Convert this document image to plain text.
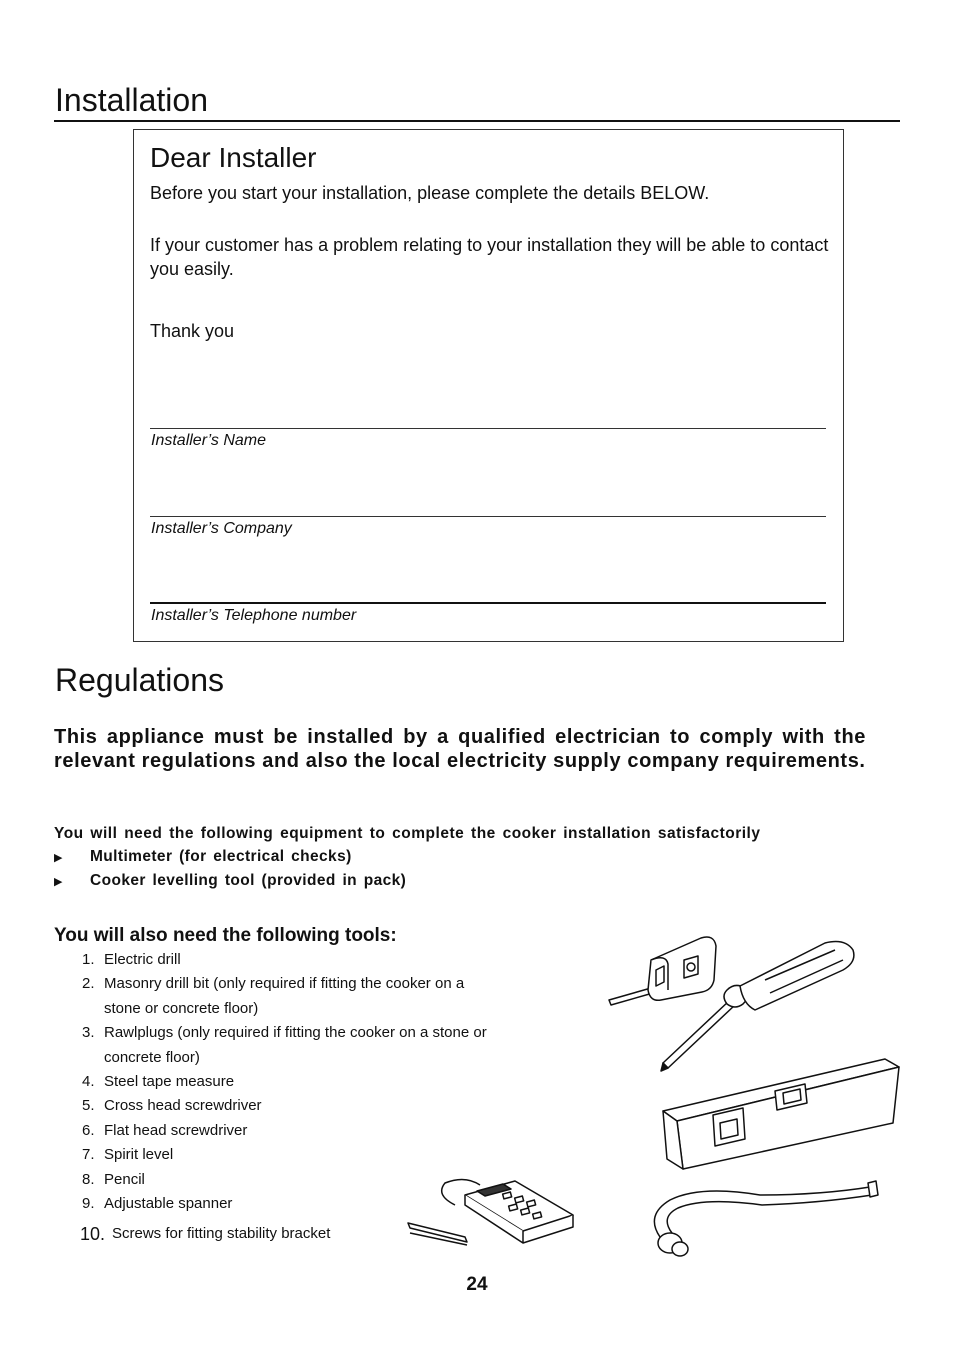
Installation
Dear Installer
Before you start your installation, please complete the details BELOW.
If your customer has a problem relating to your installation they will be able to contact you easily.
Thank you
Installer’s Name
Installer’s Company
Installer’s Telephone number
Regulations
This appliance must be installed by a qualified electrician to comply with the relevant regulations and also the local electricity supply company requirements.
You will need the following equipment to complete the cooker installation satisfactorily
▶ Multimeter (for electrical checks)
▶ Cooker levelling tool (provided in pack)
You will also need the following tools:
1. Electric drill
2. Masonry drill bit (only required if fitting the cooker on a stone or concrete floor)
3. Rawlplugs (only required if fitting the cooker on a stone or concrete floor)
4. Steel tape measure
5. Cross head screwdriver
6. Flat head screwdriver
7. Spirit level
8. Pencil
9. Adjustable spanner
10. Screws for fitting stability bracket
24
